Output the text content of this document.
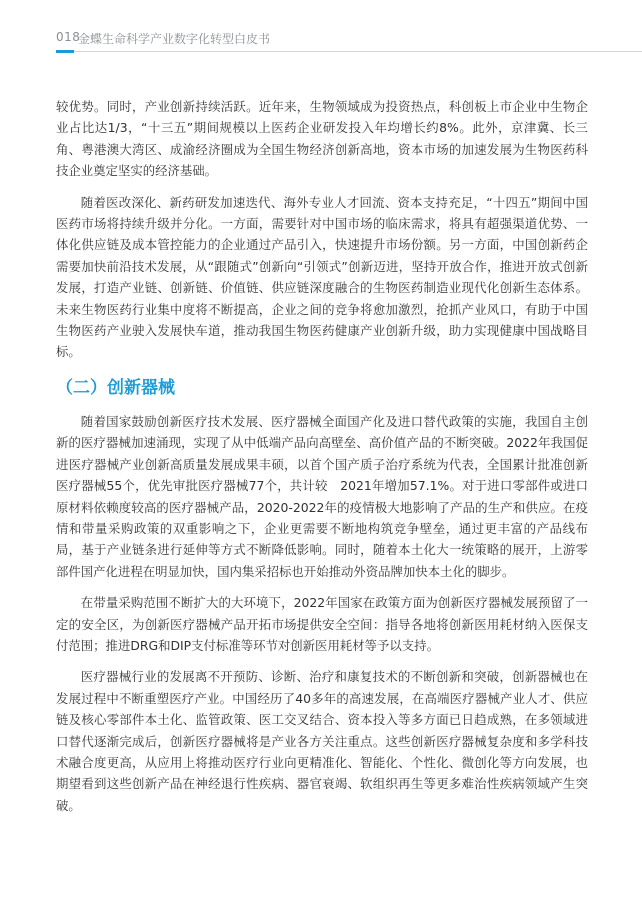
018
金蝶生命科学产业数字化转型白皮书

较优势。同时，产业创新持续活跃。近年来，生物领域成为投资热点，科创板上市企业中生物企业占比达1/3，“十三五”期间规模以上医药企业研发投入年均增长约8%。此外，京津冀、长三角、粤港澳大湾区、成渝经济圈成为全国生物经济创新高地，资本市场的加速发展为生物医药科技企业奠定坚实的经济基础。

随着医改深化、新药研发加速迭代、海外专业人才回流、资本支持充足，“十四五”期间中国医药市场将持续升级并分化。一方面，需要针对中国市场的临床需求，将具有超强渠道优势、一体化供应链及成本管控能力的企业通过产品引入，快速提升市场份额。另一方面，中国创新药企需要加快前沿技术发展，从“跟随式”创新向“引领式”创新迈进，坚持开放合作，推进开放式创新发展，打造产业链、创新链、价值链、供应链深度融合的生物医药制造业现代化创新生态体系。未来生物医药行业集中度将不断提高，企业之间的竞争将愈加激烈，抢抓产业风口，有助于中国生物医药产业驶入发展快车道，推动我国生物医药健康产业创新升级，助力实现健康中国战略目标。

（二）创新器械

随着国家鼓励创新医疗技术发展、医疗器械全面国产化及进口替代政策的实施，我国自主创新的医疗器械加速涌现，实现了从中低端产品向高壁垒、高价值产品的不断突破。2022年我国促进医疗器械产业创新高质量发展成果丰硕，以首个国产质子治疗系统为代表，全国累计批准创新医疗器械55个，优先审批医疗器械77个，共计较　2021年增加57.1%。对于进口零部件或进口原材料依赖度较高的医疗器械产品，2020-2022年的疫情极大地影响了产品的生产和供应。在疫情和带量采购政策的双重影响之下，企业更需要不断地构筑竞争壁垒，通过更丰富的产品线布局，基于产业链条进行延伸等方式不断降低影响。同时，随着本土化大一统策略的展开，上游零部件国产化进程在明显加快，国内集采招标也开始推动外资品牌加快本土化的脚步。

在带量采购范围不断扩大的大环境下，2022年国家在政策方面为创新医疗器械发展预留了一定的安全区，为创新医疗器械产品开拓市场提供安全空间：指导各地将创新医用耗材纳入医保支付范围；推进DRG和DIP支付标准等环节对创新医用耗材等予以支持。

医疗器械行业的发展离不开预防、诊断、治疗和康复技术的不断创新和突破，创新器械也在发展过程中不断重塑医疗产业。中国经历了40多年的高速发展，在高端医疗器械产业人才、供应链及核心零部件本土化、监管政策、医工交叉结合、资本投入等多方面已日趋成熟，在多领域进口替代逐渐完成后，创新医疗器械将是产业各方关注重点。这些创新医疗器械复杂度和多学科技术融合度更高，从应用上将推动医疗行业向更精准化、智能化、个性化、微创化等方向发展，也期望看到这些创新产品在神经退行性疾病、器官衰竭、软组织再生等更多难治性疾病领域产生突破。
